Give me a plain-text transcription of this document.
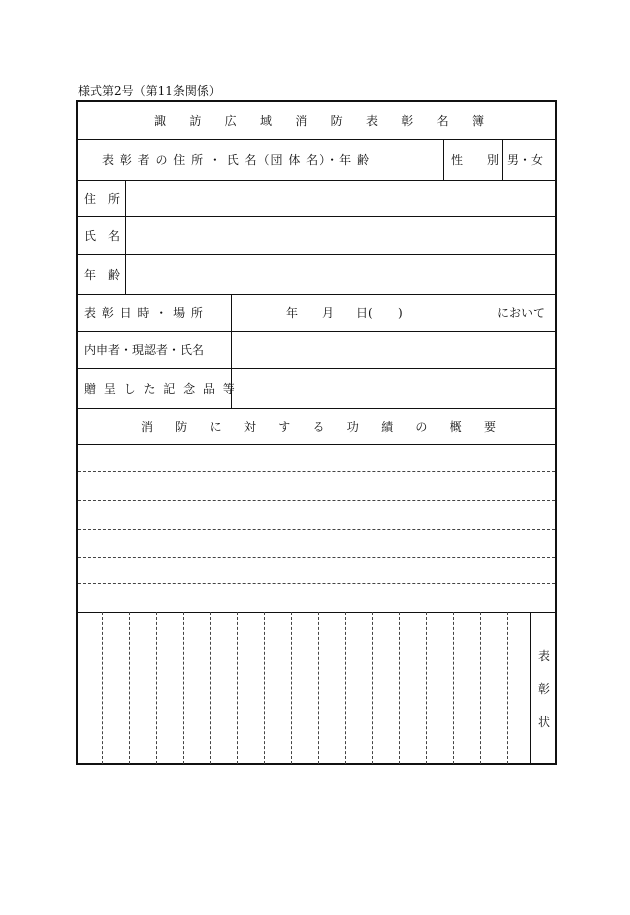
様式第2号（第11条関係）
諏 訪 広 域 消 防 表 彰 名 簿
表 彰 者 の 住 所 ・ 氏 名（団 体 名）・年 齢	性 別 男・女
住 所
氏 名
年 齢
表 彰 日 時 ・ 場 所	年 月 日( )	において
内申者・現認者・氏名
贈 呈 し た 記 念 品 等
消 防 に 対 す る 功 績 の 概 要
表
彰
状
